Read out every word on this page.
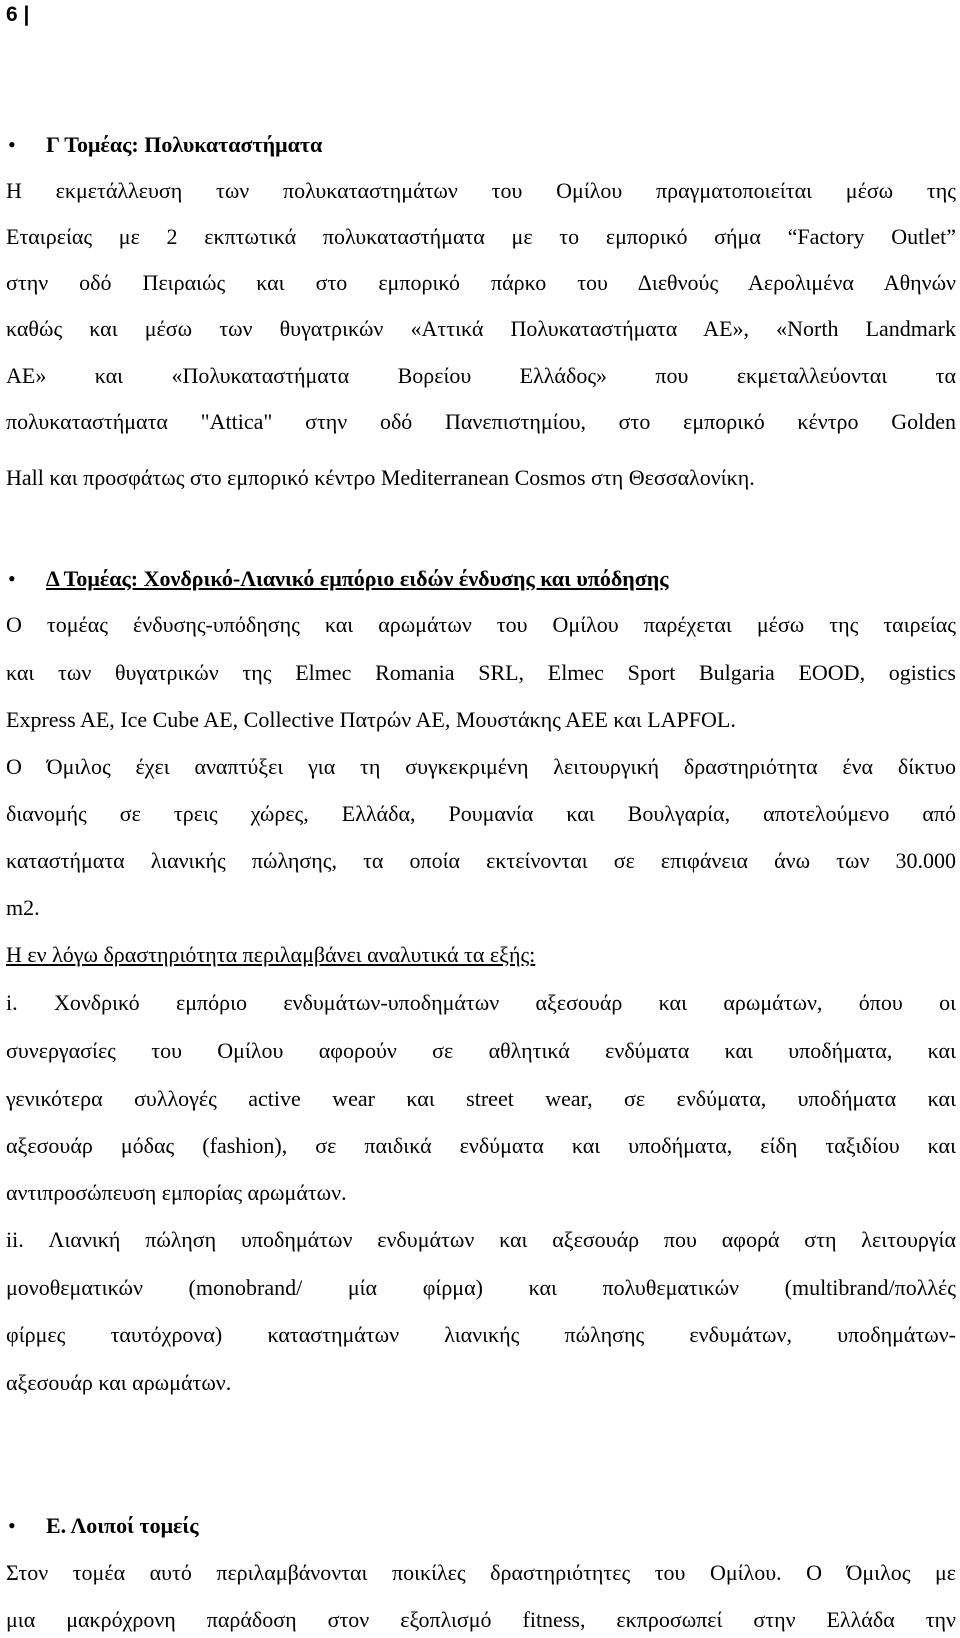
6 |
• Γ Τομέας: Πολυκαταστήματα
Η εκμετάλλευση των πολυκαταστημάτων του Ομίλου πραγματοποιείται μέσω της
Εταιρείας με 2 εκπτωτικά πολυκαταστήματα με το εμπορικό σήμα “Factory Outlet”
στην οδό Πειραιώς και στο εμπορικό πάρκο του Διεθνούς Αερολιμένα Αθηνών
καθώς και μέσω των θυγατρικών «Αττικά Πολυκαταστήματα ΑΕ», «North Landmark
ΑΕ» και «Πολυκαταστήματα Βορείου Ελλάδος» που εκμεταλλεύονται τα
πολυκαταστήματα "Attica" στην οδό Πανεπιστημίου, στο εμπορικό κέντρο Golden
Hall και προσφάτως στο εμπορικό κέντρο Mediterranean Cosmos στη Θεσσαλονίκη.
• Δ Τομέας: Χονδρικό-Λιανικό εμπόριο ειδών ένδυσης και υπόδησης
Ο τομέας ένδυσης-υπόδησης και αρωμάτων του Ομίλου παρέχεται μέσω της ταιρείας
και των θυγατρικών της Elmec Romania SRL, Elmec Sport Bulgaria EOOD, ogistics
Express AE, Ice Cube AE, Collective Πατρών ΑΕ, Μουστάκης ΑΕΕ και LAPFOL.
Ο Όμιλος έχει αναπτύξει για τη συγκεκριμένη λειτουργική δραστηριότητα ένα δίκτυο
διανομής σε τρεις χώρες, Ελλάδα, Ρουμανία και Βουλγαρία, αποτελούμενο από
καταστήματα λιανικής πώλησης, τα οποία εκτείνονται σε επιφάνεια άνω των 30.000
m2.
Η εν λόγω δραστηριότητα περιλαμβάνει αναλυτικά τα εξής:
i. Χονδρικό εμπόριο ενδυμάτων-υποδημάτων αξεσουάρ και αρωμάτων, όπου οι
συνεργασίες του Ομίλου αφορούν σε αθλητικά ενδύματα και υποδήματα, και
γενικότερα συλλογές active wear και street wear, σε ενδύματα, υποδήματα και
αξεσουάρ μόδας (fashion), σε παιδικά ενδύματα και υποδήματα, είδη ταξιδίου και
αντιπροσώπευση εμπορίας αρωμάτων.
ii. Λιανική πώληση υποδημάτων ενδυμάτων και αξεσουάρ που αφορά στη λειτουργία
μονοθεματικών (monobrand/ μία φίρμα) και πολυθεματικών (multibrand/πολλές
φίρμες ταυτόχρονα) καταστημάτων λιανικής πώλησης ενδυμάτων, υποδημάτων-
αξεσουάρ και αρωμάτων.
• Ε. Λοιποί τομείς
Στον τομέα αυτό περιλαμβάνονται ποικίλες δραστηριότητες του Ομίλου. Ο Όμιλος με
μια μακρόχρονη παράδοση στον εξοπλισμό fitness, εκπροσωπεί στην Ελλάδα την
